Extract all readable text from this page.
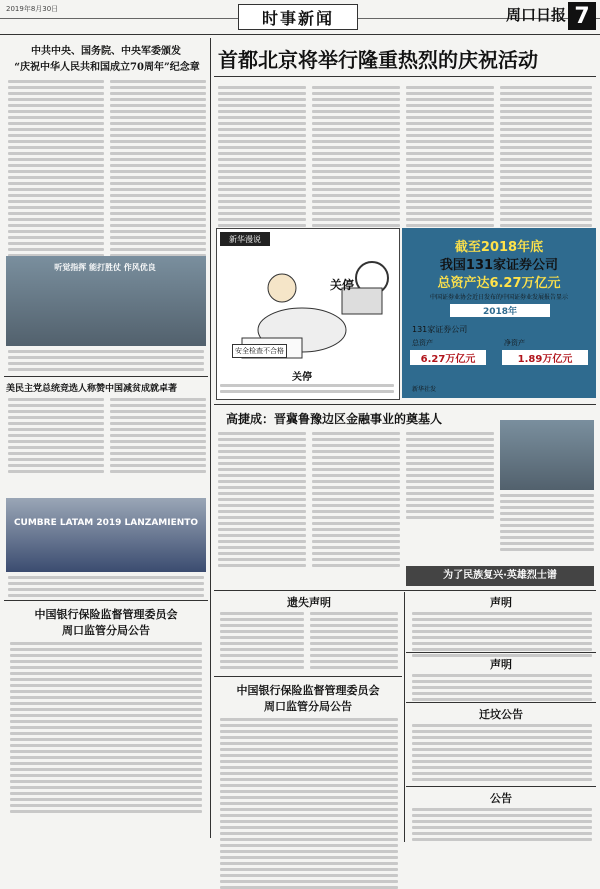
2019年8月30日	时事新闻	周口日报 7
中共中央、国务院、中央军委颁发
“庆祝中华人民共和国成立70周年”纪念章
听觉指挥 能打胜仗 作风优良
美民主党总统竞选人称赞中国减贫成就卓著
CUMBRE LATAM 2019 LANZAMIENTO
中国银行保险监督管理委员会
周口监管分局公告
首都北京将举行隆重热烈的庆祝活动
新华漫说
关停
安全检查不合格
关停
截至2018年底
我国131家证券公司
总资产达6.27万亿元
中国证券业协会近日发布的中国证券业发展报告显示
2018年
131家证券公司
总资产
6.27万亿元
净资产
1.89万亿元
新华社发
高捷成：晋冀鲁豫边区金融事业的奠基人
为了民族复兴·英雄烈士谱
遗失声明
中国银行保险监督管理委员会
周口监管分局公告
声明
声明
迁坟公告
公告
